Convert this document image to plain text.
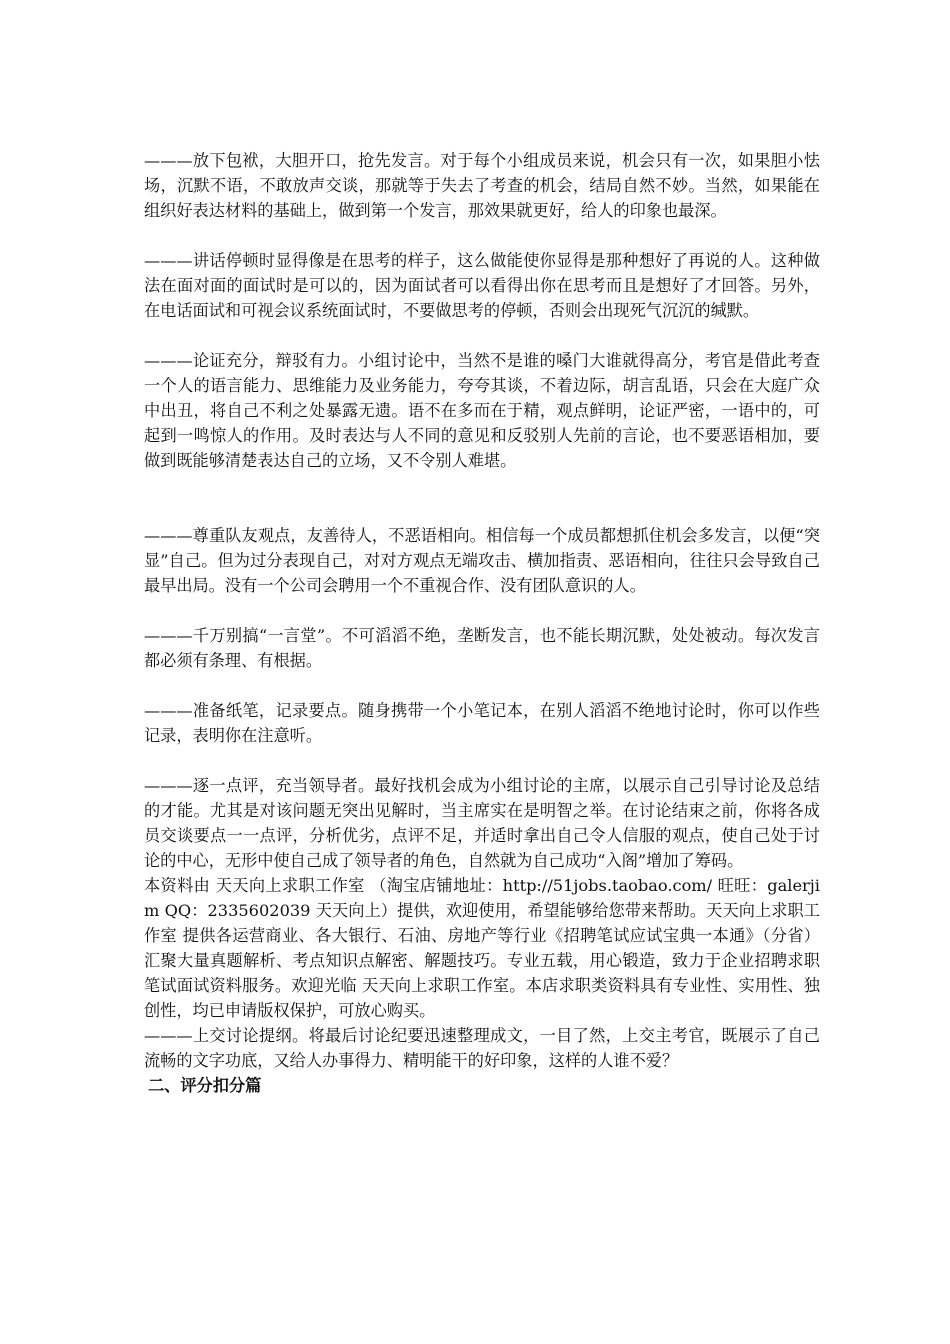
———放下包袱，大胆开口，抢先发言。对于每个小组成员来说，机会只有一次，如果胆小怯场，沉默不语，不敢放声交谈，那就等于失去了考查的机会，结局自然不妙。当然，如果能在组织好表达材料的基础上，做到第一个发言，那效果就更好，给人的印象也最深。

———讲话停顿时显得像是在思考的样子，这么做能使你显得是那种想好了再说的人。这种做法在面对面的面试时是可以的，因为面试者可以看得出你在思考而且是想好了才回答。另外，在电话面试和可视会议系统面试时，不要做思考的停顿，否则会出现死气沉沉的缄默。

———论证充分，辩驳有力。小组讨论中，当然不是谁的嗓门大谁就得高分，考官是借此考查一个人的语言能力、思维能力及业务能力，夸夸其谈，不着边际，胡言乱语，只会在大庭广众中出丑，将自己不利之处暴露无遗。语不在多而在于精，观点鲜明，论证严密，一语中的，可起到一鸣惊人的作用。及时表达与人不同的意见和反驳别人先前的言论，也不要恶语相加，要做到既能够清楚表达自己的立场，又不令别人难堪。

———尊重队友观点，友善待人，不恶语相向。相信每一个成员都想抓住机会多发言，以便“突显”自己。但为过分表现自己，对对方观点无端攻击、横加指责、恶语相向，往往只会导致自己最早出局。没有一个公司会聘用一个不重视合作、没有团队意识的人。

———千万别搞“一言堂”。不可滔滔不绝，垄断发言，也不能长期沉默，处处被动。每次发言都必须有条理、有根据。

———准备纸笔，记录要点。随身携带一个小笔记本，在别人滔滔不绝地讨论时，你可以作些记录，表明你在注意听。

———逐一点评，充当领导者。最好找机会成为小组讨论的主席，以展示自己引导讨论及总结的才能。尤其是对该问题无突出见解时，当主席实在是明智之举。在讨论结束之前，你将各成员交谈要点一一点评，分析优劣，点评不足，并适时拿出自己令人信服的观点，使自己处于讨论的中心，无形中使自己成了领导者的角色，自然就为自己成功“入阁”增加了筹码。

本资料由 天天向上求职工作室 （淘宝店铺地址：http://51jobs.taobao.com/ 旺旺：galerjim QQ：2335602039 天天向上）提供，欢迎使用，希望能够给您带来帮助。天天向上求职工作室 提供各运营商业、各大银行、石油、房地产等行业《招聘笔试应试宝典一本通》（分省）汇聚大量真题解析、考点知识点解密、解题技巧。专业五载，用心锻造，致力于企业招聘求职 笔试面试资料服务。欢迎光临 天天向上求职工作室。本店求职类资料具有专业性、实用性、独创性，均已申请版权保护，可放心购买。

———上交讨论提纲。将最后讨论纪要迅速整理成文，一目了然，上交主考官，既展示了自己流畅的文字功底，又给人办事得力、精明能干的好印象，这样的人谁不爱？

二、评分扣分篇
